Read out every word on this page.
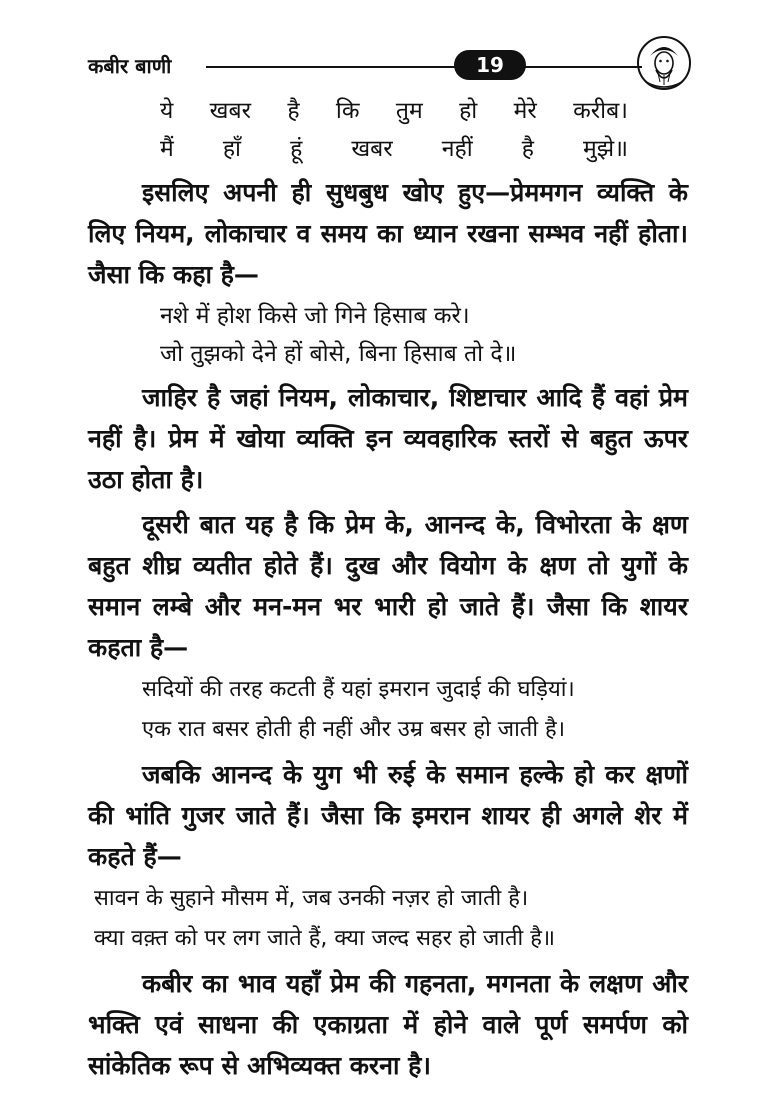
कबीर बाणी	19
ये खबर है कि तुम हो मेरे करीब।
मैं हाँ हूं खबर नहीं है मुझे॥

इसलिए अपनी ही सुधबुध खोए हुए—प्रेममगन व्यक्ति के लिए नियम, लोकाचार व समय का ध्यान रखना सम्भव नहीं होता। जैसा कि कहा है—

नशे में होश किसे जो गिने हिसाब करे।
जो तुझको देने हों बोसे, बिना हिसाब तो दे॥

जाहिर है जहां नियम, लोकाचार, शिष्टाचार आदि हैं वहां प्रेम नहीं है। प्रेम में खोया व्यक्ति इन व्यवहारिक स्तरों से बहुत ऊपर उठा होता है।

दूसरी बात यह है कि प्रेम के, आनन्द के, विभोरता के क्षण बहुत शीघ्र व्यतीत होते हैं। दुख और वियोग के क्षण तो युगों के समान लम्बे और मन-मन भर भारी हो जाते हैं। जैसा कि शायर कहता है—

सदियों की तरह कटती हैं यहां इमरान जुदाई की घड़ियां।
एक रात बसर होती ही नहीं और उम्र बसर हो जाती है।

जबकि आनन्द के युग भी रुई के समान हल्के हो कर क्षणों की भांति गुजर जाते हैं। जैसा कि इमरान शायर ही अगले शेर में कहते हैं—

सावन के सुहाने मौसम में, जब उनकी नज़र हो जाती है।
क्या वक़्त को पर लग जाते हैं, क्या जल्द सहर हो जाती है॥

कबीर का भाव यहाँ प्रेम की गहनता, मगनता के लक्षण और भक्ति एवं साधना की एकाग्रता में होने वाले पूर्ण समर्पण को सांकेतिक रूप से अभिव्यक्त करना है।
